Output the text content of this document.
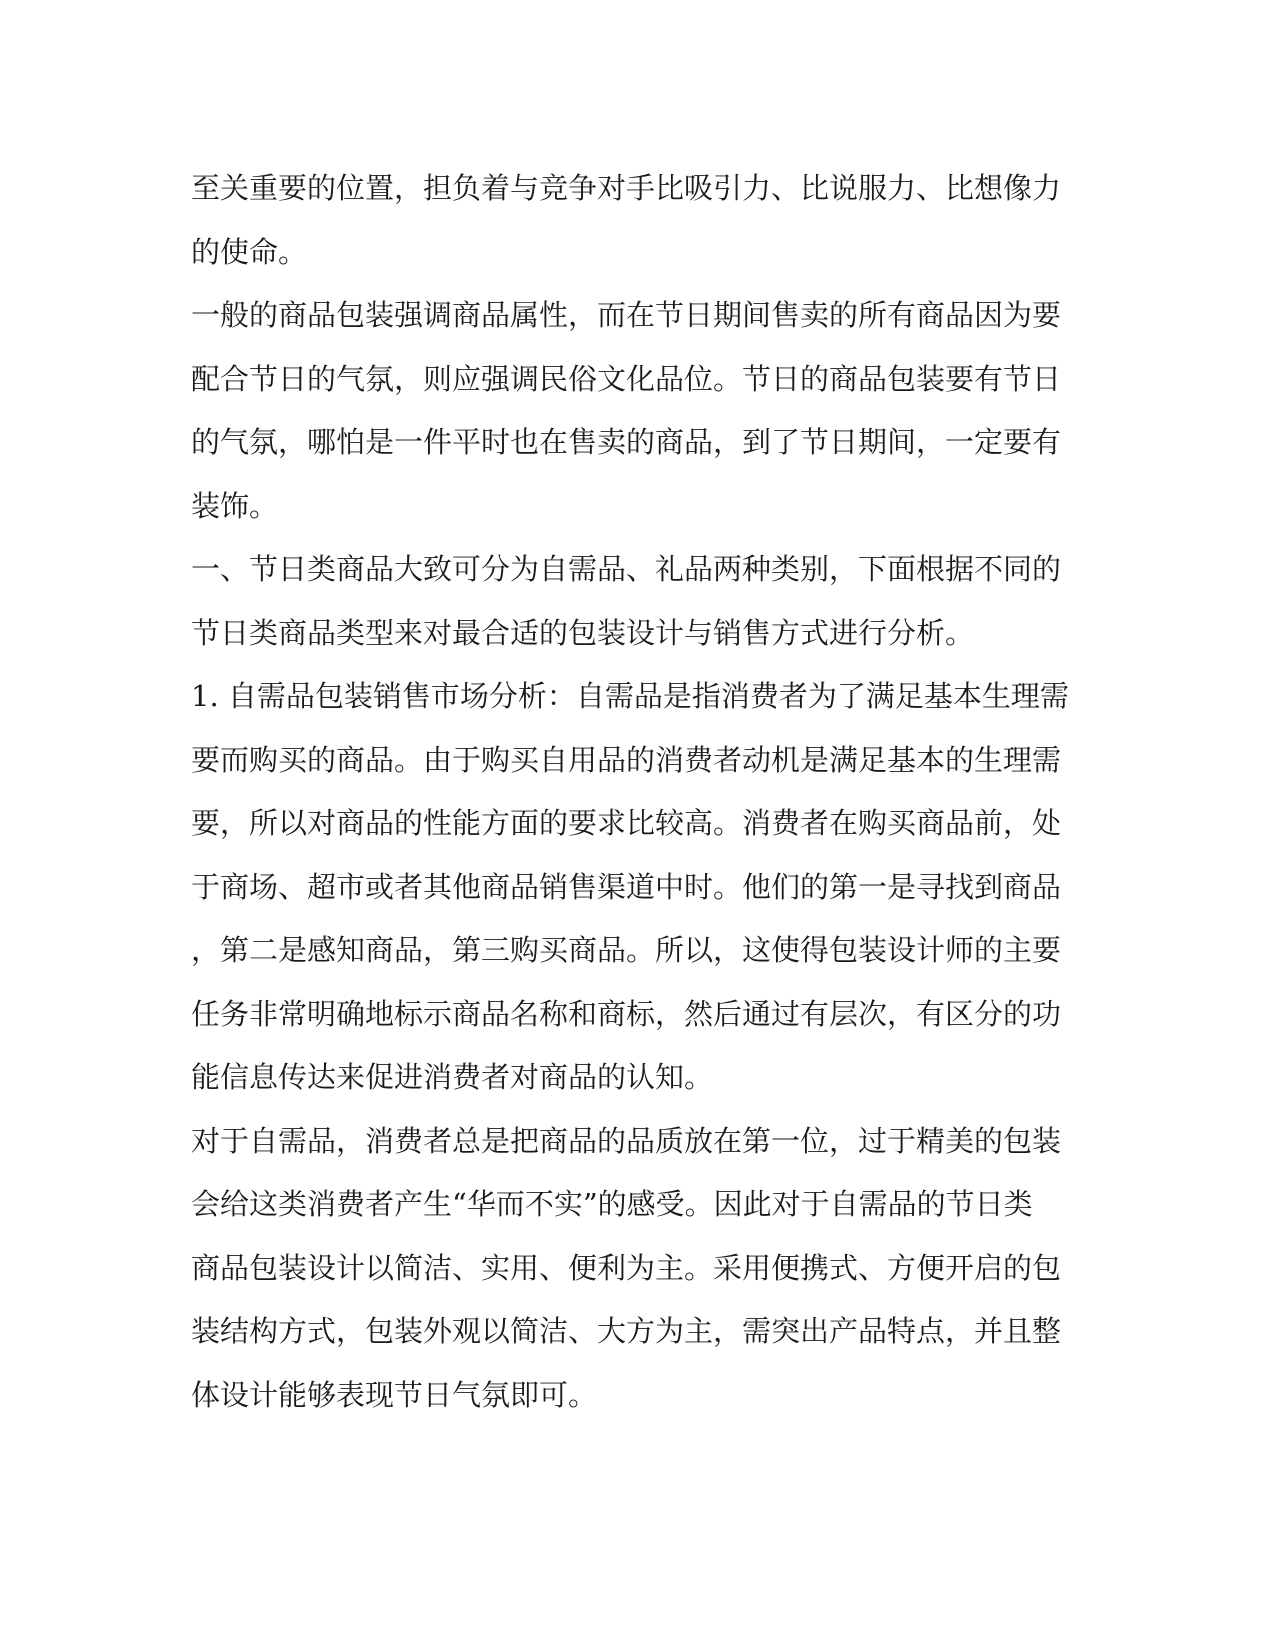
至关重要的位置，担负着与竞争对手比吸引力、比说服力、比想像力
的使命。
一般的商品包装强调商品属性，而在节日期间售卖的所有商品因为要
配合节日的气氛，则应强调民俗文化品位。节日的商品包装要有节日
的气氛，哪怕是一件平时也在售卖的商品，到了节日期间，一定要有
装饰。
一、节日类商品大致可分为自需品、礼品两种类别，下面根据不同的
节日类商品类型来对最合适的包装设计与销售方式进行分析。
1. 自需品包装销售市场分析：自需品是指消费者为了满足基本生理需
要而购买的商品。由于购买自用品的消费者动机是满足基本的生理需
要，所以对商品的性能方面的要求比较高。消费者在购买商品前，处
于商场、超市或者其他商品销售渠道中时。他们的第一是寻找到商品
，第二是感知商品，第三购买商品。所以，这使得包装设计师的主要
任务非常明确地标示商品名称和商标，然后通过有层次，有区分的功
能信息传达来促进消费者对商品的认知。
对于自需品，消费者总是把商品的品质放在第一位，过于精美的包装
会给这类消费者产生“华而不实”的感受。因此对于自需品的节日类
商品包装设计以简洁、实用、便利为主。采用便携式、方便开启的包
装结构方式，包装外观以简洁、大方为主，需突出产品特点，并且整
体设计能够表现节日气氛即可。
